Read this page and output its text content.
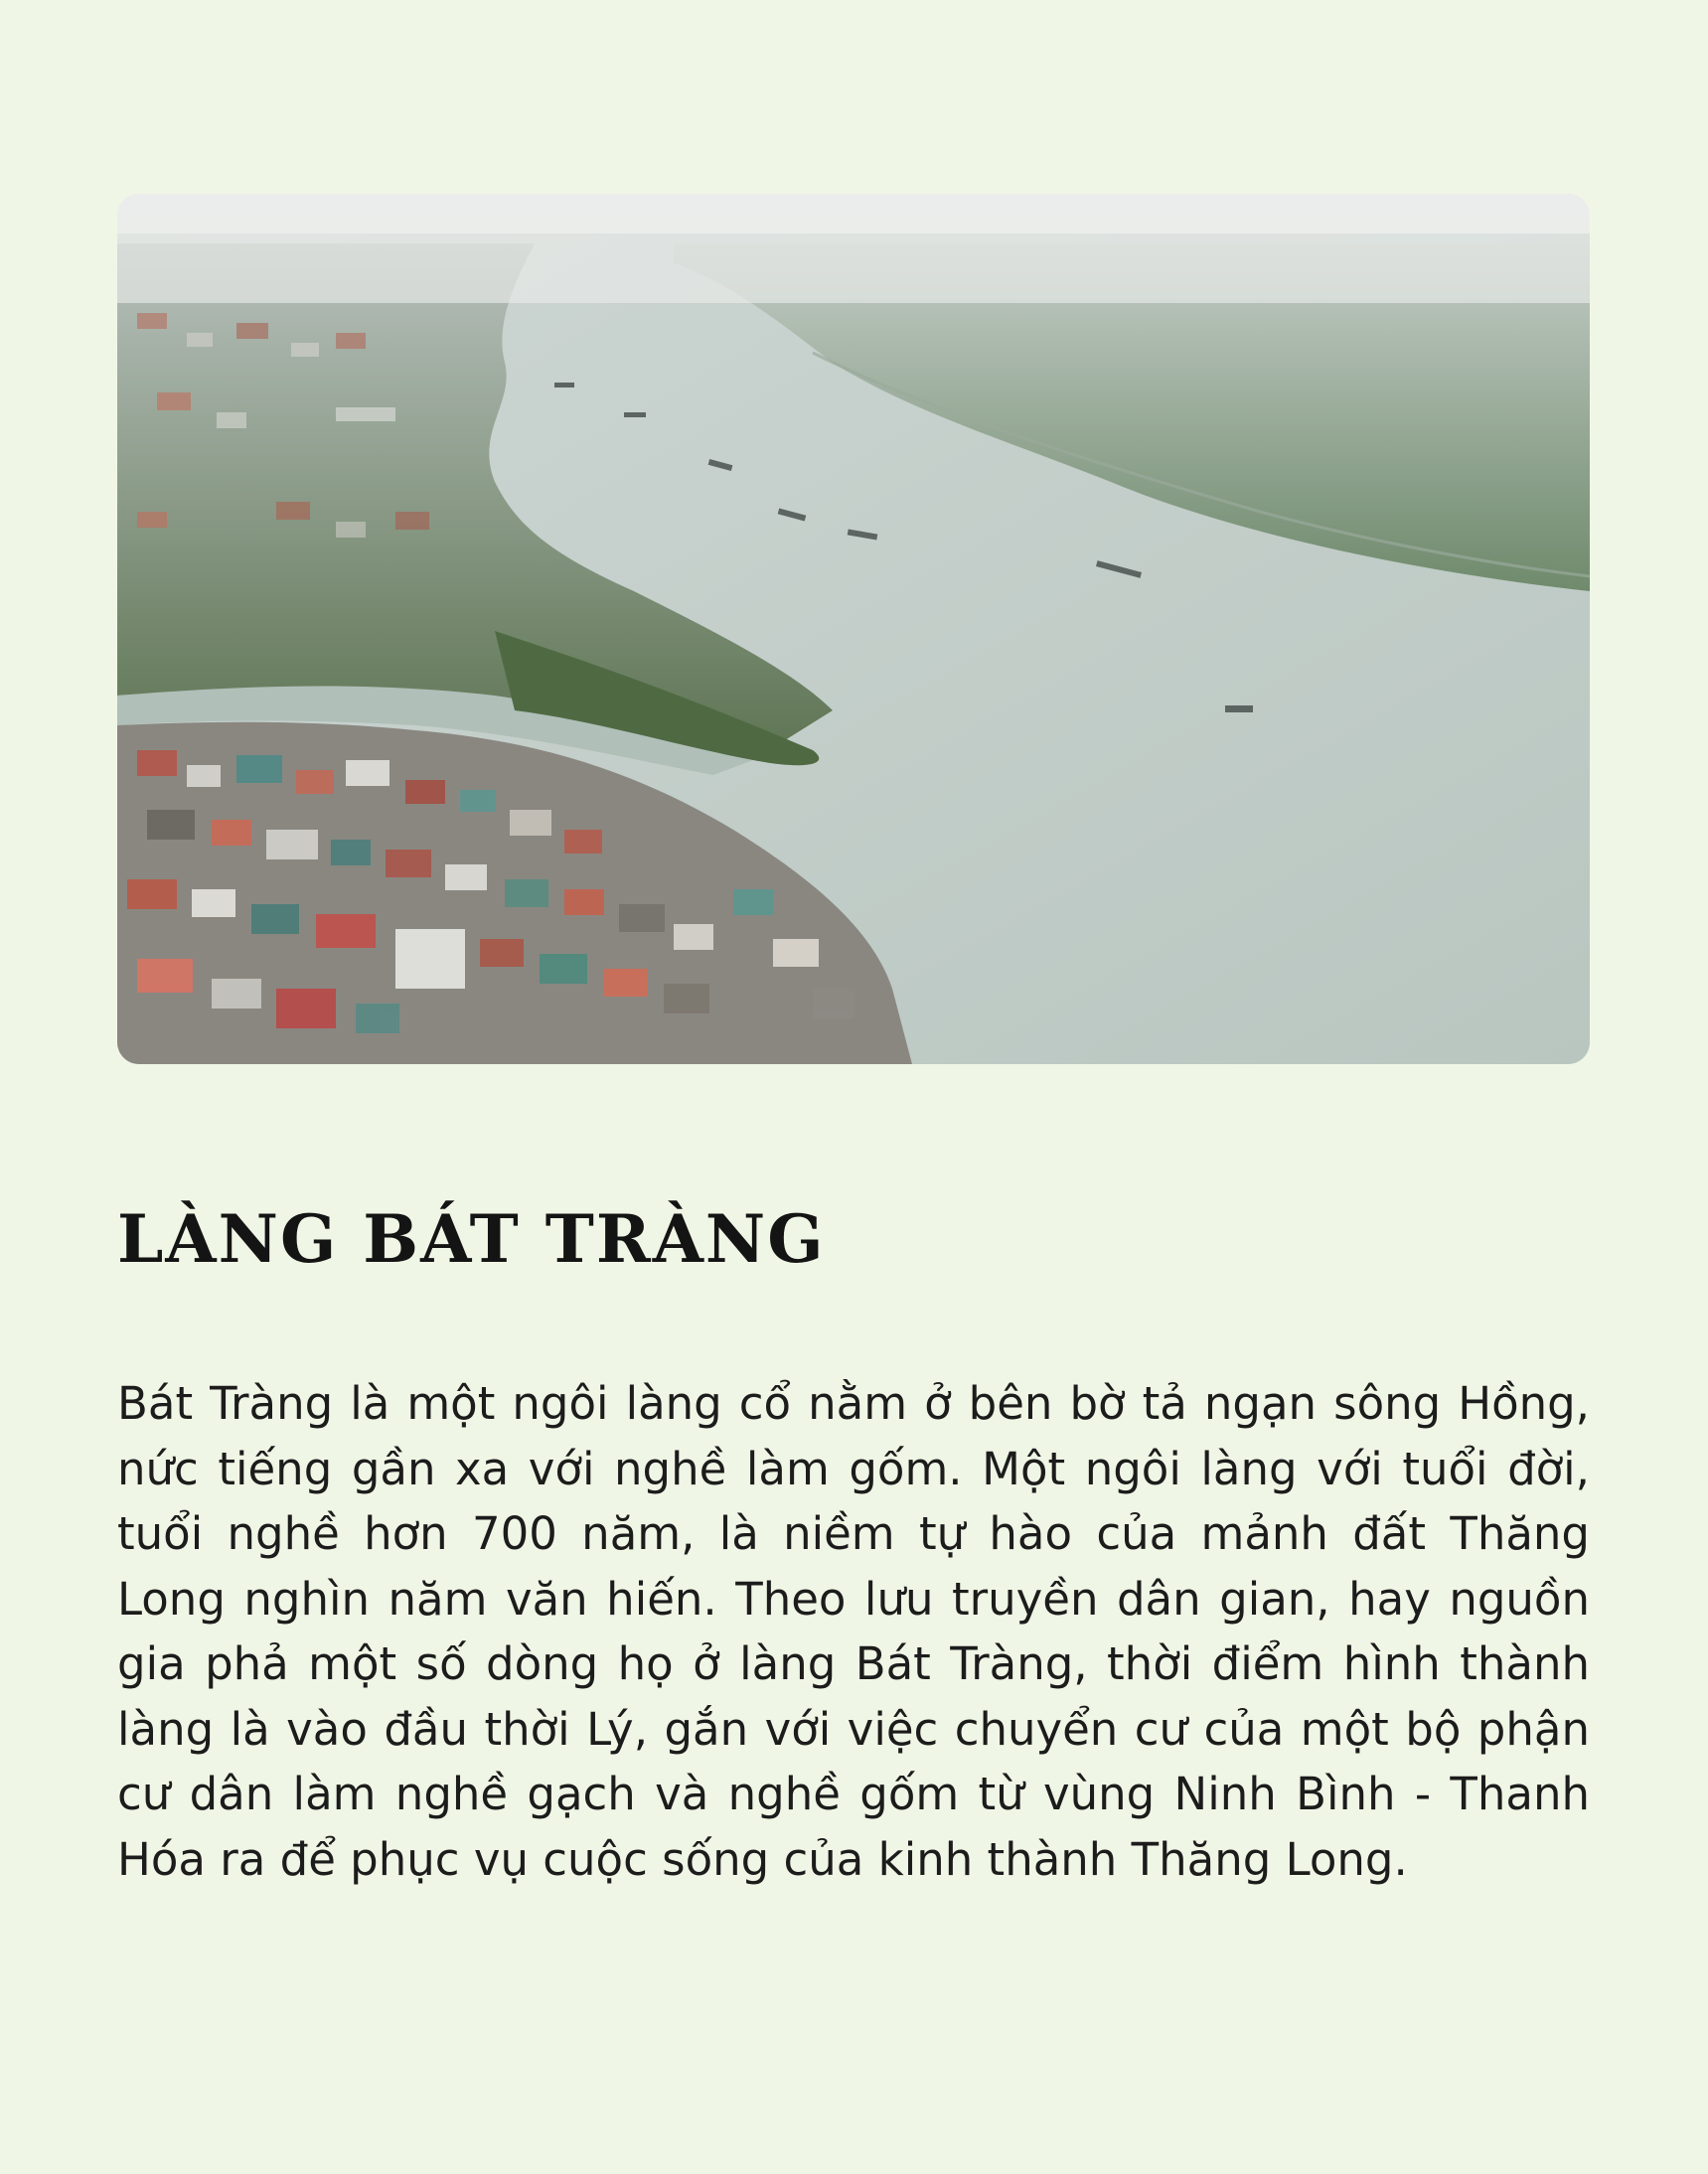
LÀNG BÁT TRÀNG

Bát Tràng là một ngôi làng cổ nằm ở bên bờ tả ngạn sông Hồng, nức tiếng gần xa với nghề làm gốm. Một ngôi làng với tuổi đời, tuổi nghề hơn 700 năm, là niềm tự hào của mảnh đất Thăng Long nghìn năm văn hiến. Theo lưu truyền dân gian, hay nguồn gia phả một số dòng họ ở làng Bát Tràng, thời điểm hình thành làng là vào đầu thời Lý, gắn với việc chuyển cư của một bộ phận cư dân làm nghề gạch và nghề gốm từ vùng Ninh Bình - Thanh Hóa ra để phục vụ cuộc sống của kinh thành Thăng Long.
